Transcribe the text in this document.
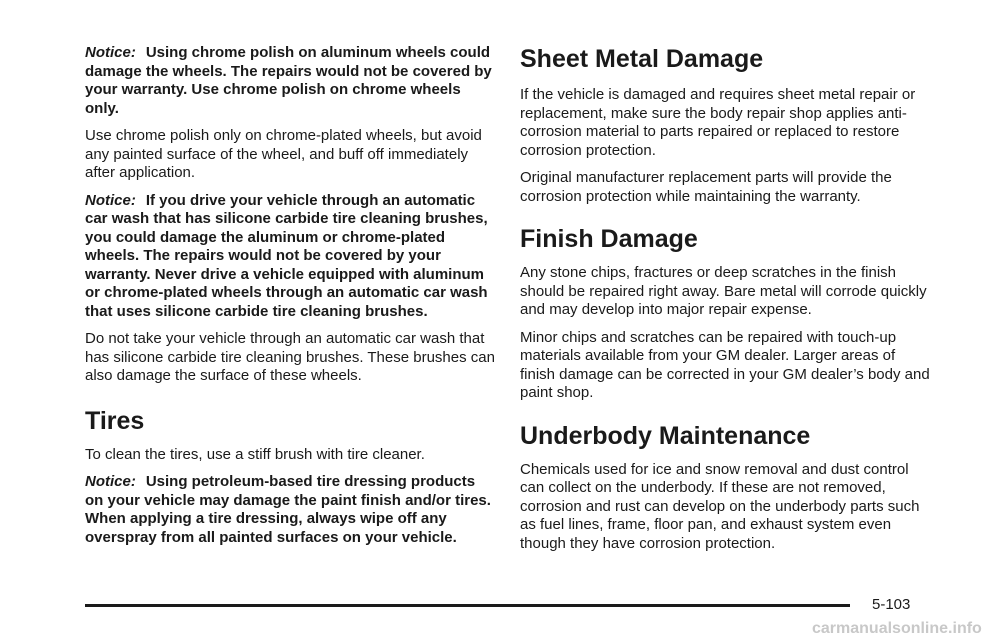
Notice: Using chrome polish on aluminum wheels could damage the wheels. The repairs would not be covered by your warranty. Use chrome polish on chrome wheels only.

Use chrome polish only on chrome-plated wheels, but avoid any painted surface of the wheel, and buff off immediately after application.

Notice: If you drive your vehicle through an automatic car wash that has silicone carbide tire cleaning brushes, you could damage the aluminum or chrome-plated wheels. The repairs would not be covered by your warranty. Never drive a vehicle equipped with aluminum or chrome-plated wheels through an automatic car wash that uses silicone carbide tire cleaning brushes.

Do not take your vehicle through an automatic car wash that has silicone carbide tire cleaning brushes. These brushes can also damage the surface of these wheels.

Tires

To clean the tires, use a stiff brush with tire cleaner.

Notice: Using petroleum-based tire dressing products on your vehicle may damage the paint finish and/or tires. When applying a tire dressing, always wipe off any overspray from all painted surfaces on your vehicle.

Sheet Metal Damage

If the vehicle is damaged and requires sheet metal repair or replacement, make sure the body repair shop applies anti-corrosion material to parts repaired or replaced to restore corrosion protection.

Original manufacturer replacement parts will provide the corrosion protection while maintaining the warranty.

Finish Damage

Any stone chips, fractures or deep scratches in the finish should be repaired right away. Bare metal will corrode quickly and may develop into major repair expense.

Minor chips and scratches can be repaired with touch-up materials available from your GM dealer. Larger areas of finish damage can be corrected in your GM dealer’s body and paint shop.

Underbody Maintenance

Chemicals used for ice and snow removal and dust control can collect on the underbody. If these are not removed, corrosion and rust can develop on the underbody parts such as fuel lines, frame, floor pan, and exhaust system even though they have corrosion protection.

5-103
carmanualsonline.info
